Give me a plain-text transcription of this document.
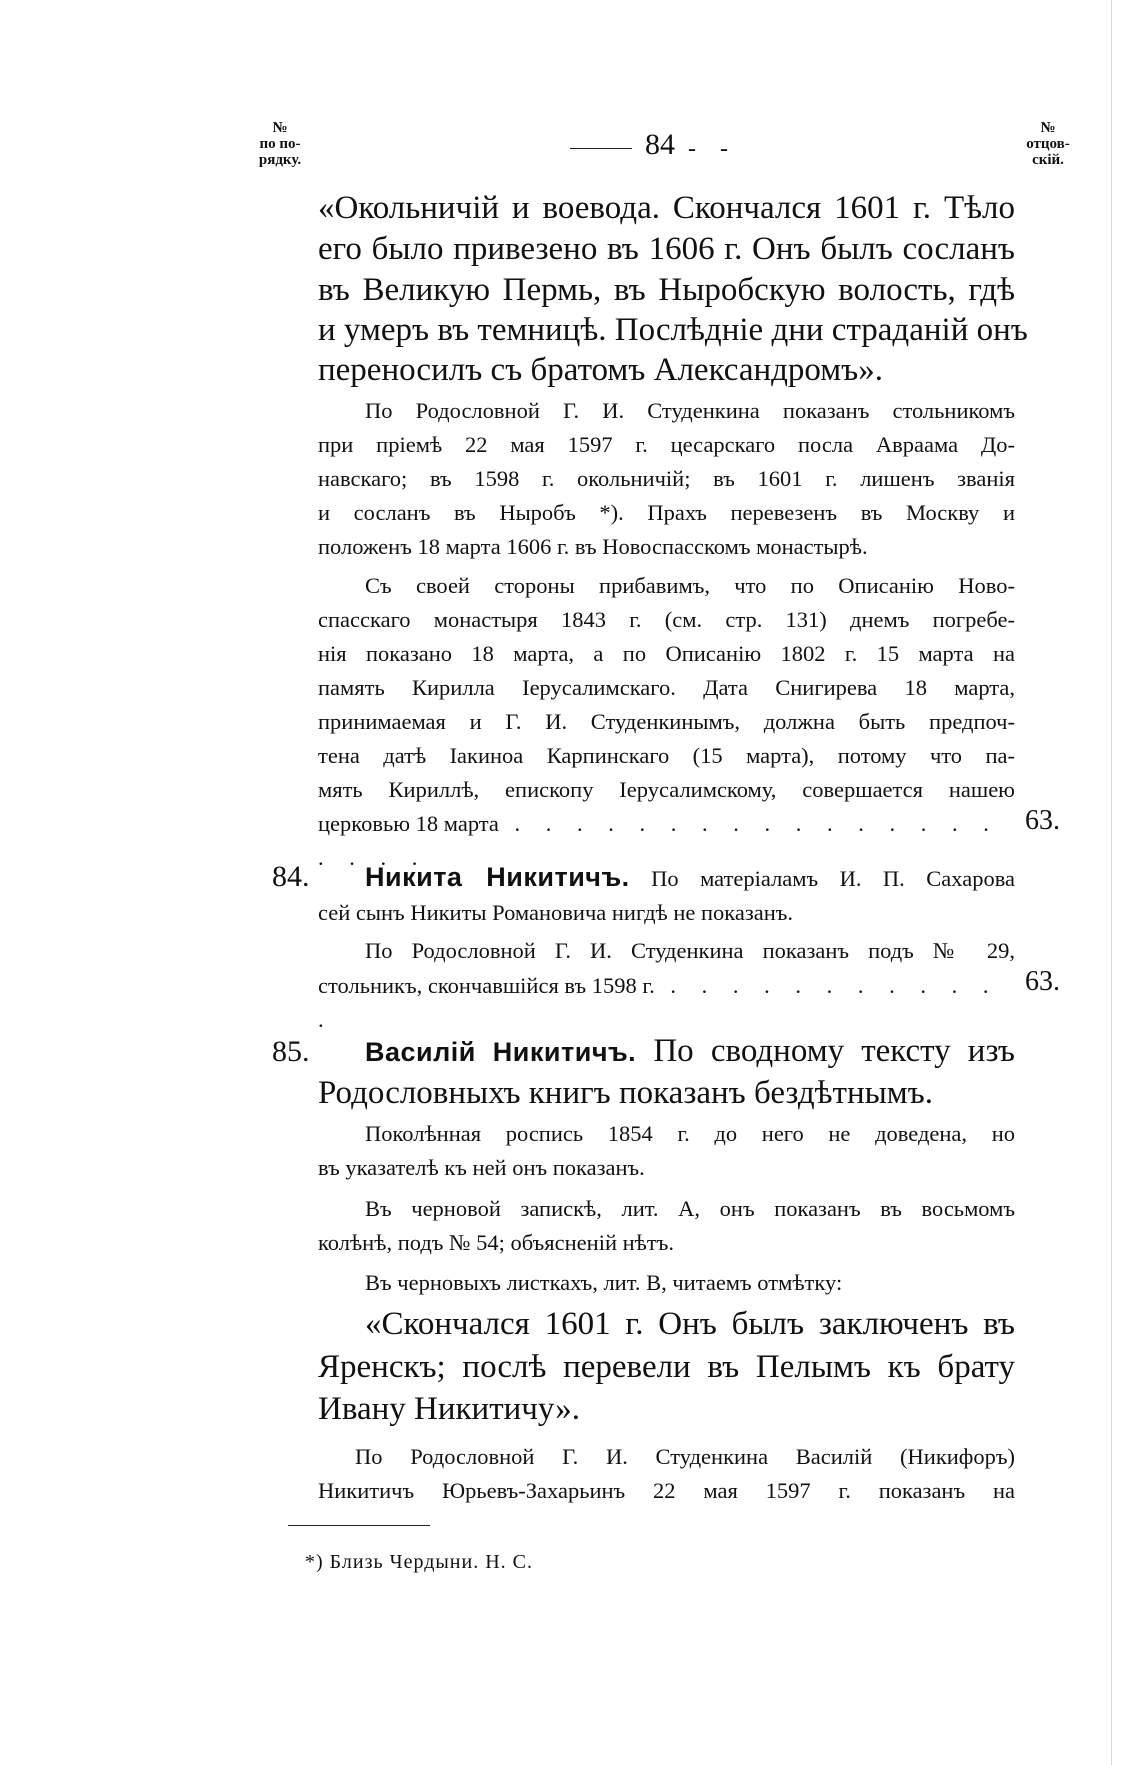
№
по по-
рядку.	84 -    -
№
отцов-
скій.
«Окольничій и воевода. Скончался 1601 г. Тѣло
его было привезено въ 1606 г. Онъ былъ сосланъ
въ Великую Пермь, въ Ныробскую волость, гдѣ
и умеръ въ темницѣ. Послѣдніе дни страданій онъ
переносилъ съ братомъ Александромъ».
По Родословной Г. И. Студенкина показанъ стольникомъ
при пріемѣ 22 мая 1597 г. цесарскаго посла Авраама До-
навскаго; въ 1598 г. окольничій; въ 1601 г. лишенъ званія
и сосланъ въ Ныробъ *). Прахъ перевезенъ въ Москву и
положенъ 18 марта 1606 г. въ Новоспасскомъ монастырѣ.
Съ своей стороны прибавимъ, что по Описанію Ново-
спасскаго монастыря 1843 г. (см. стр. 131) днемъ погребе-
нія показано 18 марта, а по Описанію 1802 г. 15 марта на
память Кирилла Іерусалимскаго. Дата Снигирева 18 марта,
принимаемая и Г. И. Студенкинымъ, должна быть предпоч-
тена датѣ Іакиноа Карпинскаго (15 марта), потому что па-
мять Кириллѣ, епископу Іерусалимскому, совершается нашею
церковью 18 марта . . . . . . . . . . . . . . . . . . . .
63.
84. Никита Никитичъ. По матеріаламъ И. П. Сахарова
сей сынъ Никиты Романовича нигдѣ не показанъ.
По Родословной Г. И. Студенкина показанъ подъ № 29,
стольникъ, скончавшійся въ 1598 г. . . . . . . . . . . . .
63.
85. Василій Никитичъ. По сводному тексту изъ
Родословныхъ книгъ показанъ бездѣтнымъ.
Поколѣнная роспись 1854 г. до него не доведена, но
въ указателѣ къ ней онъ показанъ.
Въ черновой запискѣ, лит. А, онъ показанъ въ восьмомъ
колѣнѣ, подъ № 54; объясненій нѣтъ.
Въ черновыхъ листкахъ, лит. В, читаемъ отмѣтку:
«Скончался 1601 г. Онъ былъ заключенъ въ
Яренскъ; послѣ перевели въ Пелымъ къ брату
Ивану Никитичу».
По Родословной Г. И. Студенкина Василій (Никифоръ)
Никитичъ Юрьевъ-Захарьинъ 22 мая 1597 г. показанъ на
*) Близь Чердыни. Н. С.
